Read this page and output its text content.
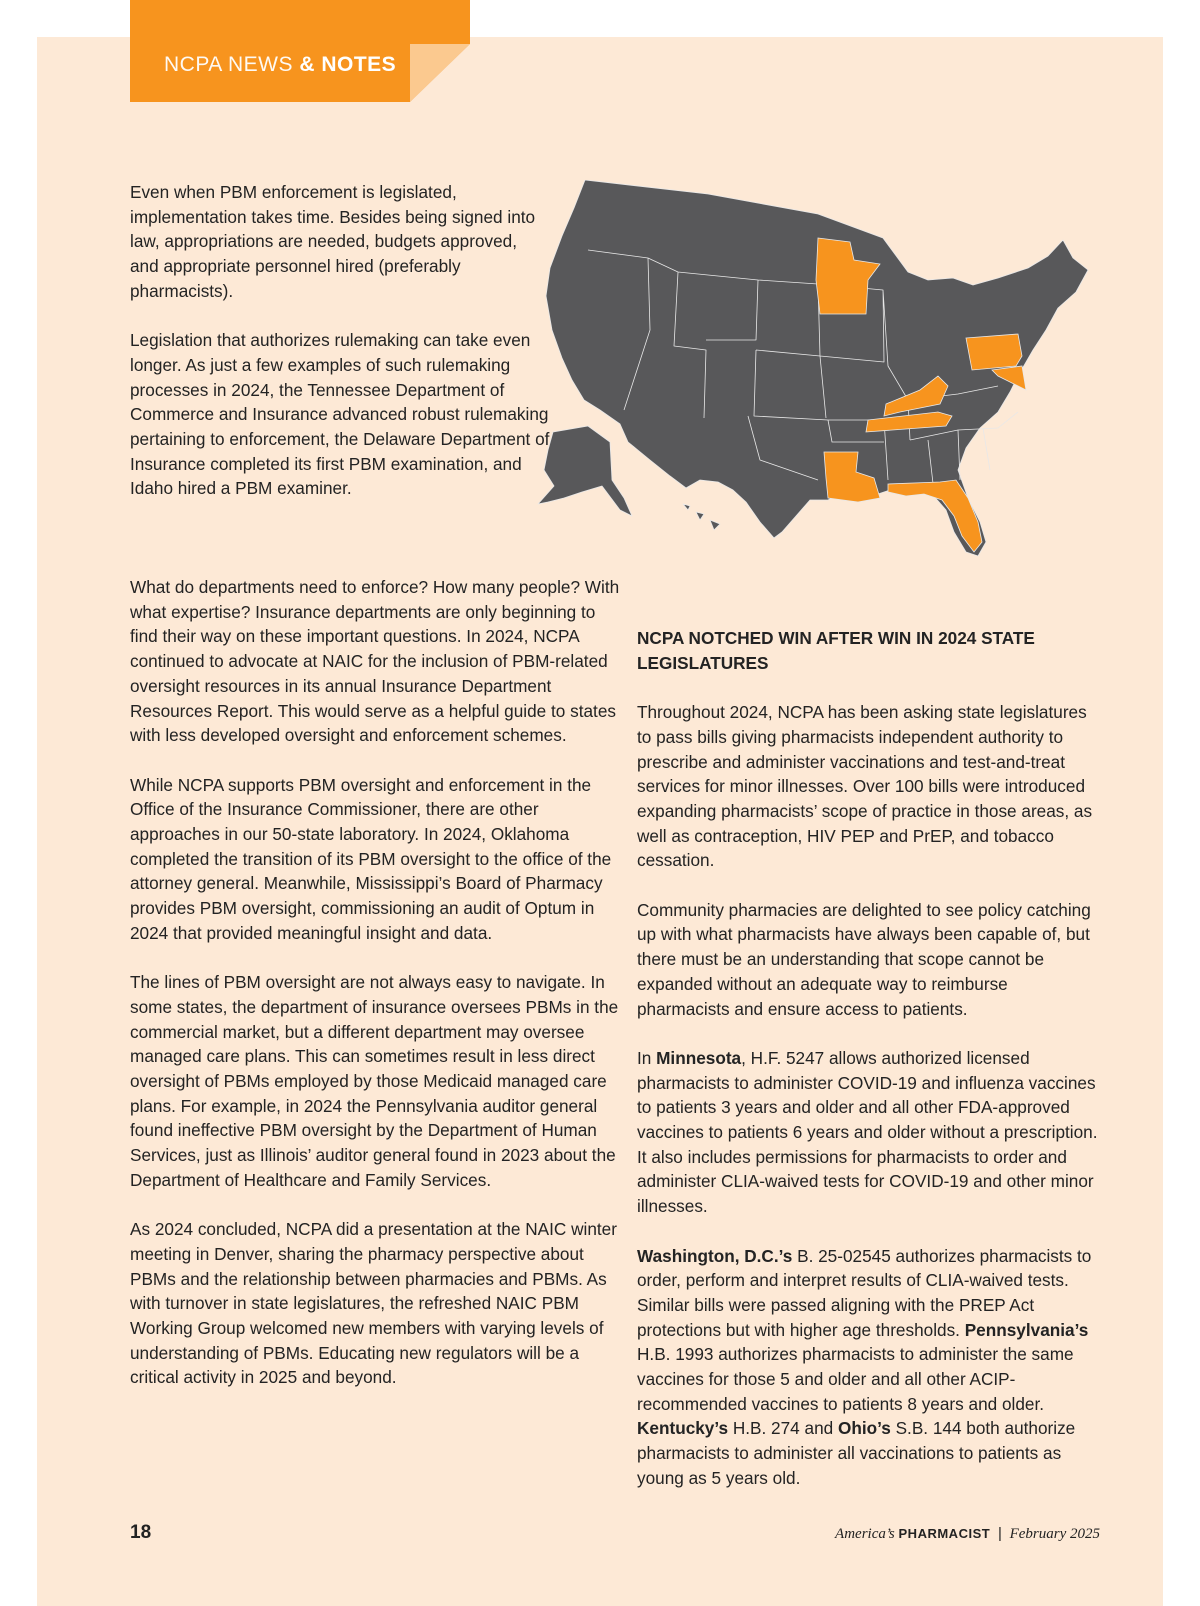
NCPA NEWS & NOTES

Even when PBM enforcement is legislated, implementation takes time. Besides being signed into law, appropriations are needed, budgets approved, and appropriate personnel hired (preferably pharmacists).

Legislation that authorizes rulemaking can take even longer. As just a few examples of such rulemaking processes in 2024, the Tennessee Department of Commerce and Insurance advanced robust rulemaking pertaining to enforcement, the Delaware Department of Insurance completed its first PBM examination, and Idaho hired a PBM examiner.

What do departments need to enforce? How many people? With what expertise? Insurance departments are only beginning to find their way on these important questions. In 2024, NCPA continued to advocate at NAIC for the inclusion of PBM-related oversight resources in its annual Insurance Department Resources Report. This would serve as a helpful guide to states with less developed oversight and enforcement schemes.

While NCPA supports PBM oversight and enforcement in the Office of the Insurance Commissioner, there are other approaches in our 50-state laboratory. In 2024, Oklahoma completed the transition of its PBM oversight to the office of the attorney general. Meanwhile, Mississippi’s Board of Pharmacy provides PBM oversight, commissioning an audit of Optum in 2024 that provided meaningful insight and data.

The lines of PBM oversight are not always easy to navigate. In some states, the department of insurance oversees PBMs in the commercial market, but a different department may oversee managed care plans. This can sometimes result in less direct oversight of PBMs employed by those Medicaid managed care plans. For example, in 2024 the Pennsylvania auditor general found ineffective PBM oversight by the Department of Human Services, just as Illinois’ auditor general found in 2023 about the Department of Healthcare and Family Services.

As 2024 concluded, NCPA did a presentation at the NAIC winter meeting in Denver, sharing the pharmacy perspective about PBMs and the relationship between pharmacies and PBMs. As with turnover in state legislatures, the refreshed NAIC PBM Working Group welcomed new members with varying levels of understanding of PBMs. Educating new regulators will be a critical activity in 2025 and beyond.

NCPA NOTCHED WIN AFTER WIN IN 2024 STATE LEGISLATURES

Throughout 2024, NCPA has been asking state legislatures to pass bills giving pharmacists independent authority to prescribe and administer vaccinations and test-and-treat services for minor illnesses. Over 100 bills were introduced expanding pharmacists’ scope of practice in those areas, as well as contraception, HIV PEP and PrEP, and tobacco cessation.

Community pharmacies are delighted to see policy catching up with what pharmacists have always been capable of, but there must be an understanding that scope cannot be expanded without an adequate way to reimburse pharmacists and ensure access to patients.

In Minnesota, H.F. 5247 allows authorized licensed pharmacists to administer COVID-19 and influenza vaccines to patients 3 years and older and all other FDA-approved vaccines to patients 6 years and older without a prescription. It also includes permissions for pharmacists to order and administer CLIA-waived tests for COVID-19 and other minor illnesses.

Washington, D.C.’s B. 25-02545 authorizes pharmacists to order, perform and interpret results of CLIA-waived tests. Similar bills were passed aligning with the PREP Act protections but with higher age thresholds. Pennsylvania’s H.B. 1993 authorizes pharmacists to administer the same vaccines for those 5 and older and all other ACIP-recommended vaccines to patients 8 years and older. Kentucky’s H.B. 274 and Ohio’s S.B. 144 both authorize pharmacists to administer all vaccinations to patients as young as 5 years old.

18	America’s PHARMACIST | February 2025
